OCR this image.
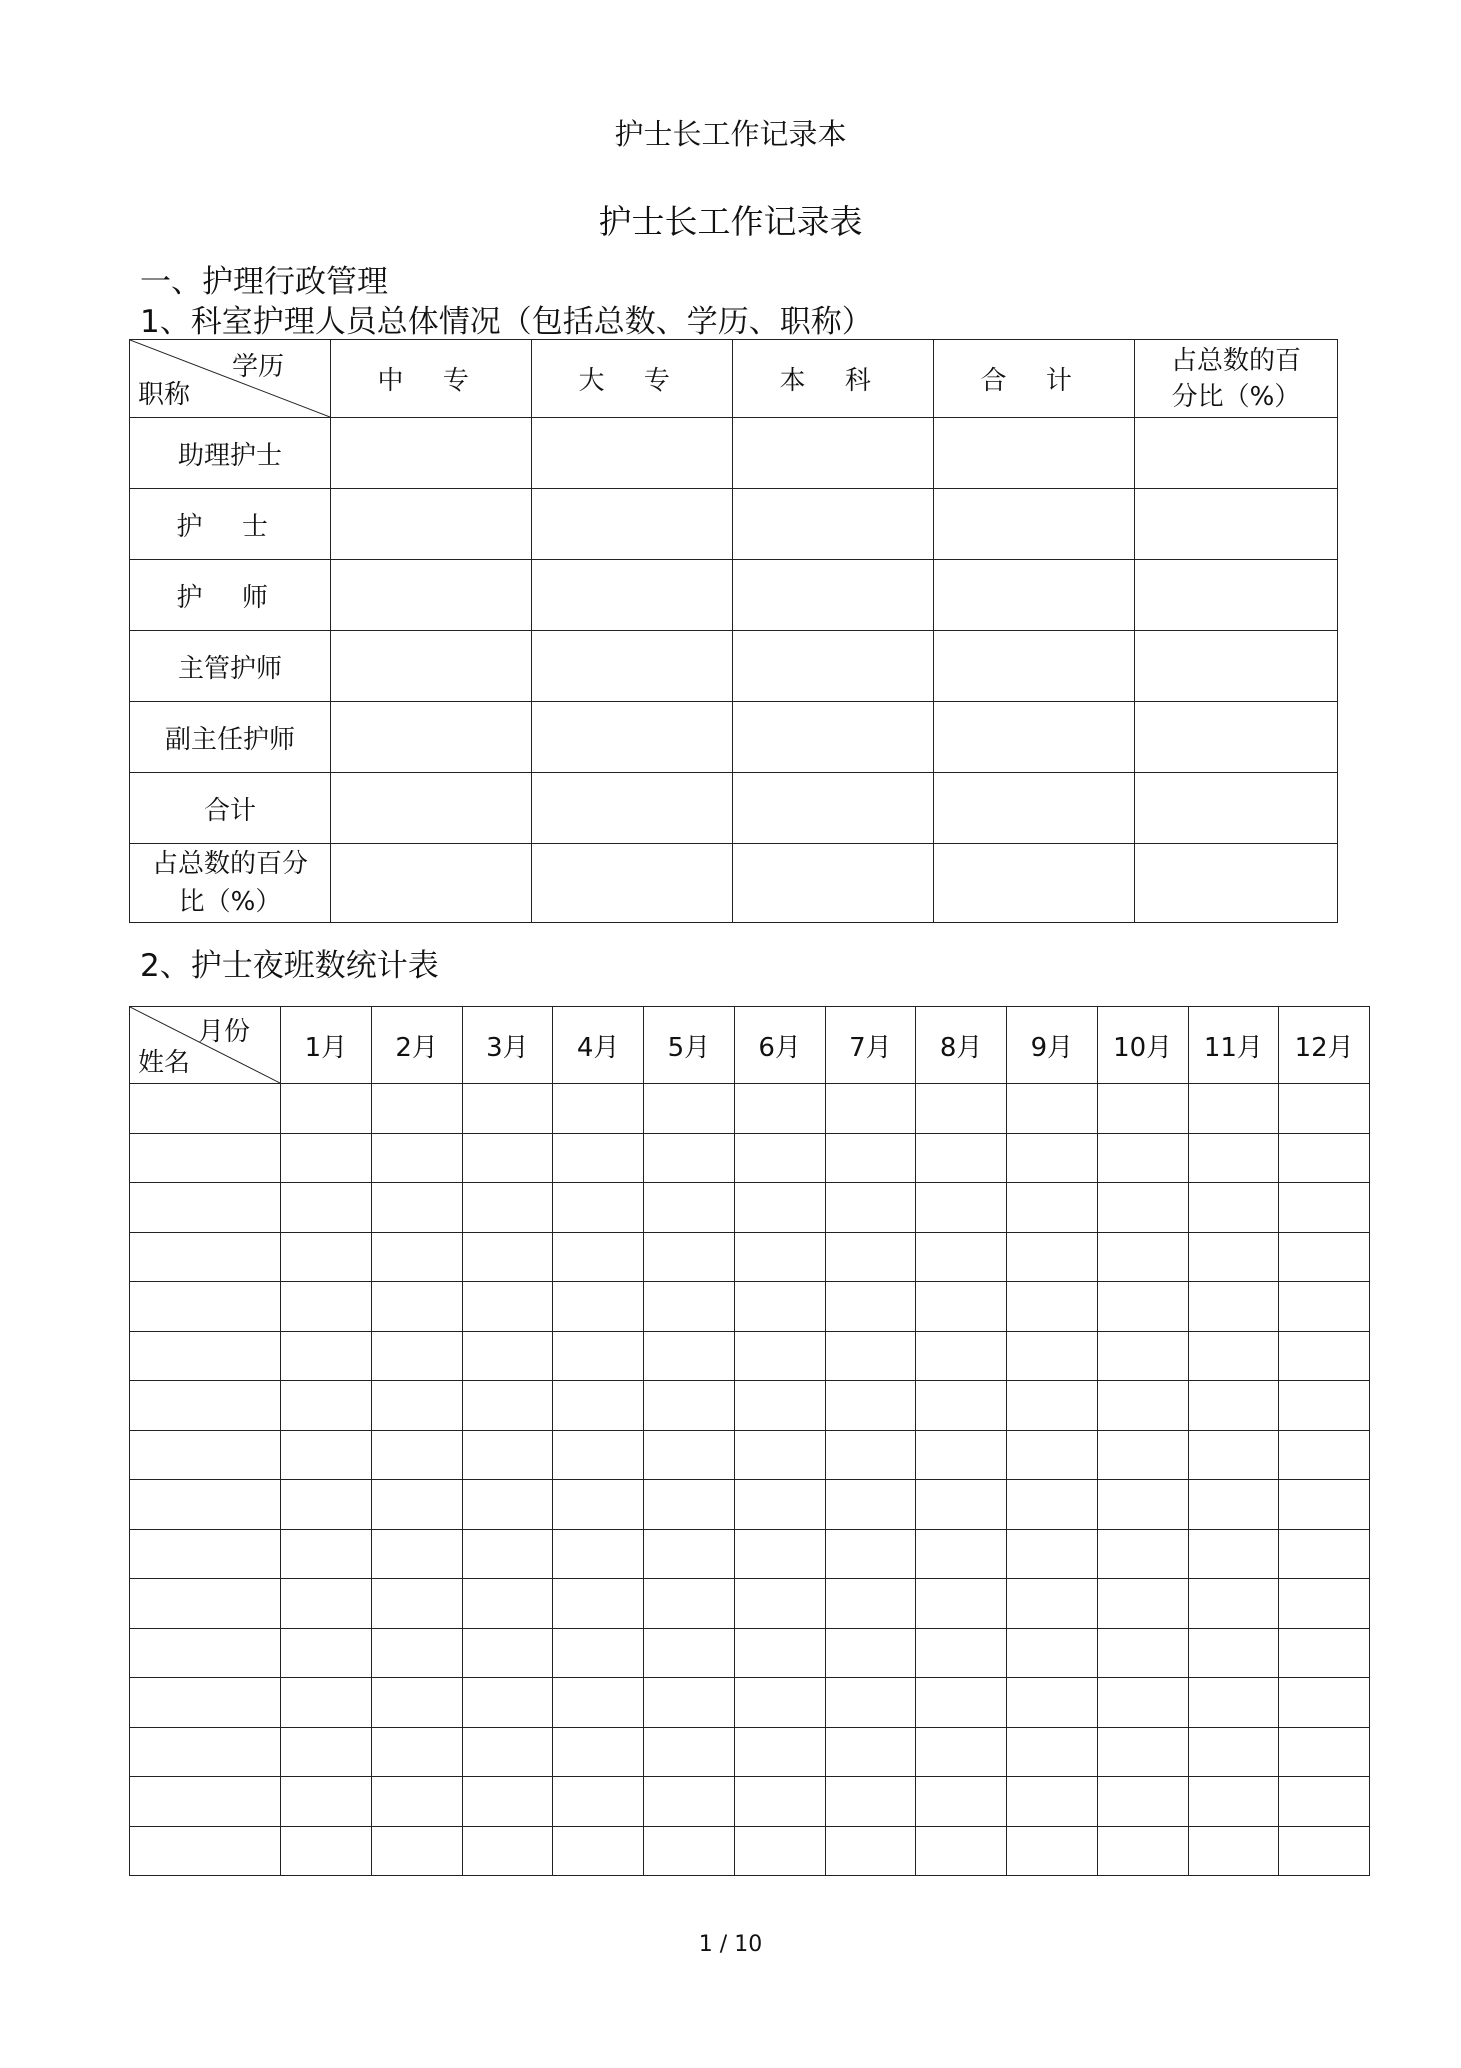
护士长工作记录本
护士长工作记录表
一、护理行政管理
1、科室护理人员总体情况（包括总数、学历、职称）
学历
职称	中 专	大 专	本 科	合 计	占总数的百分比（%）
助理护士					
护 士					
护 师					
主管护师					
副主任护师					
合计					
占总数的百分比（%）					
2、护士夜班数统计表
月份
姓名	1月	2月	3月	4月	5月	6月	7月	8月	9月	10月	11月	12月

1 / 10
